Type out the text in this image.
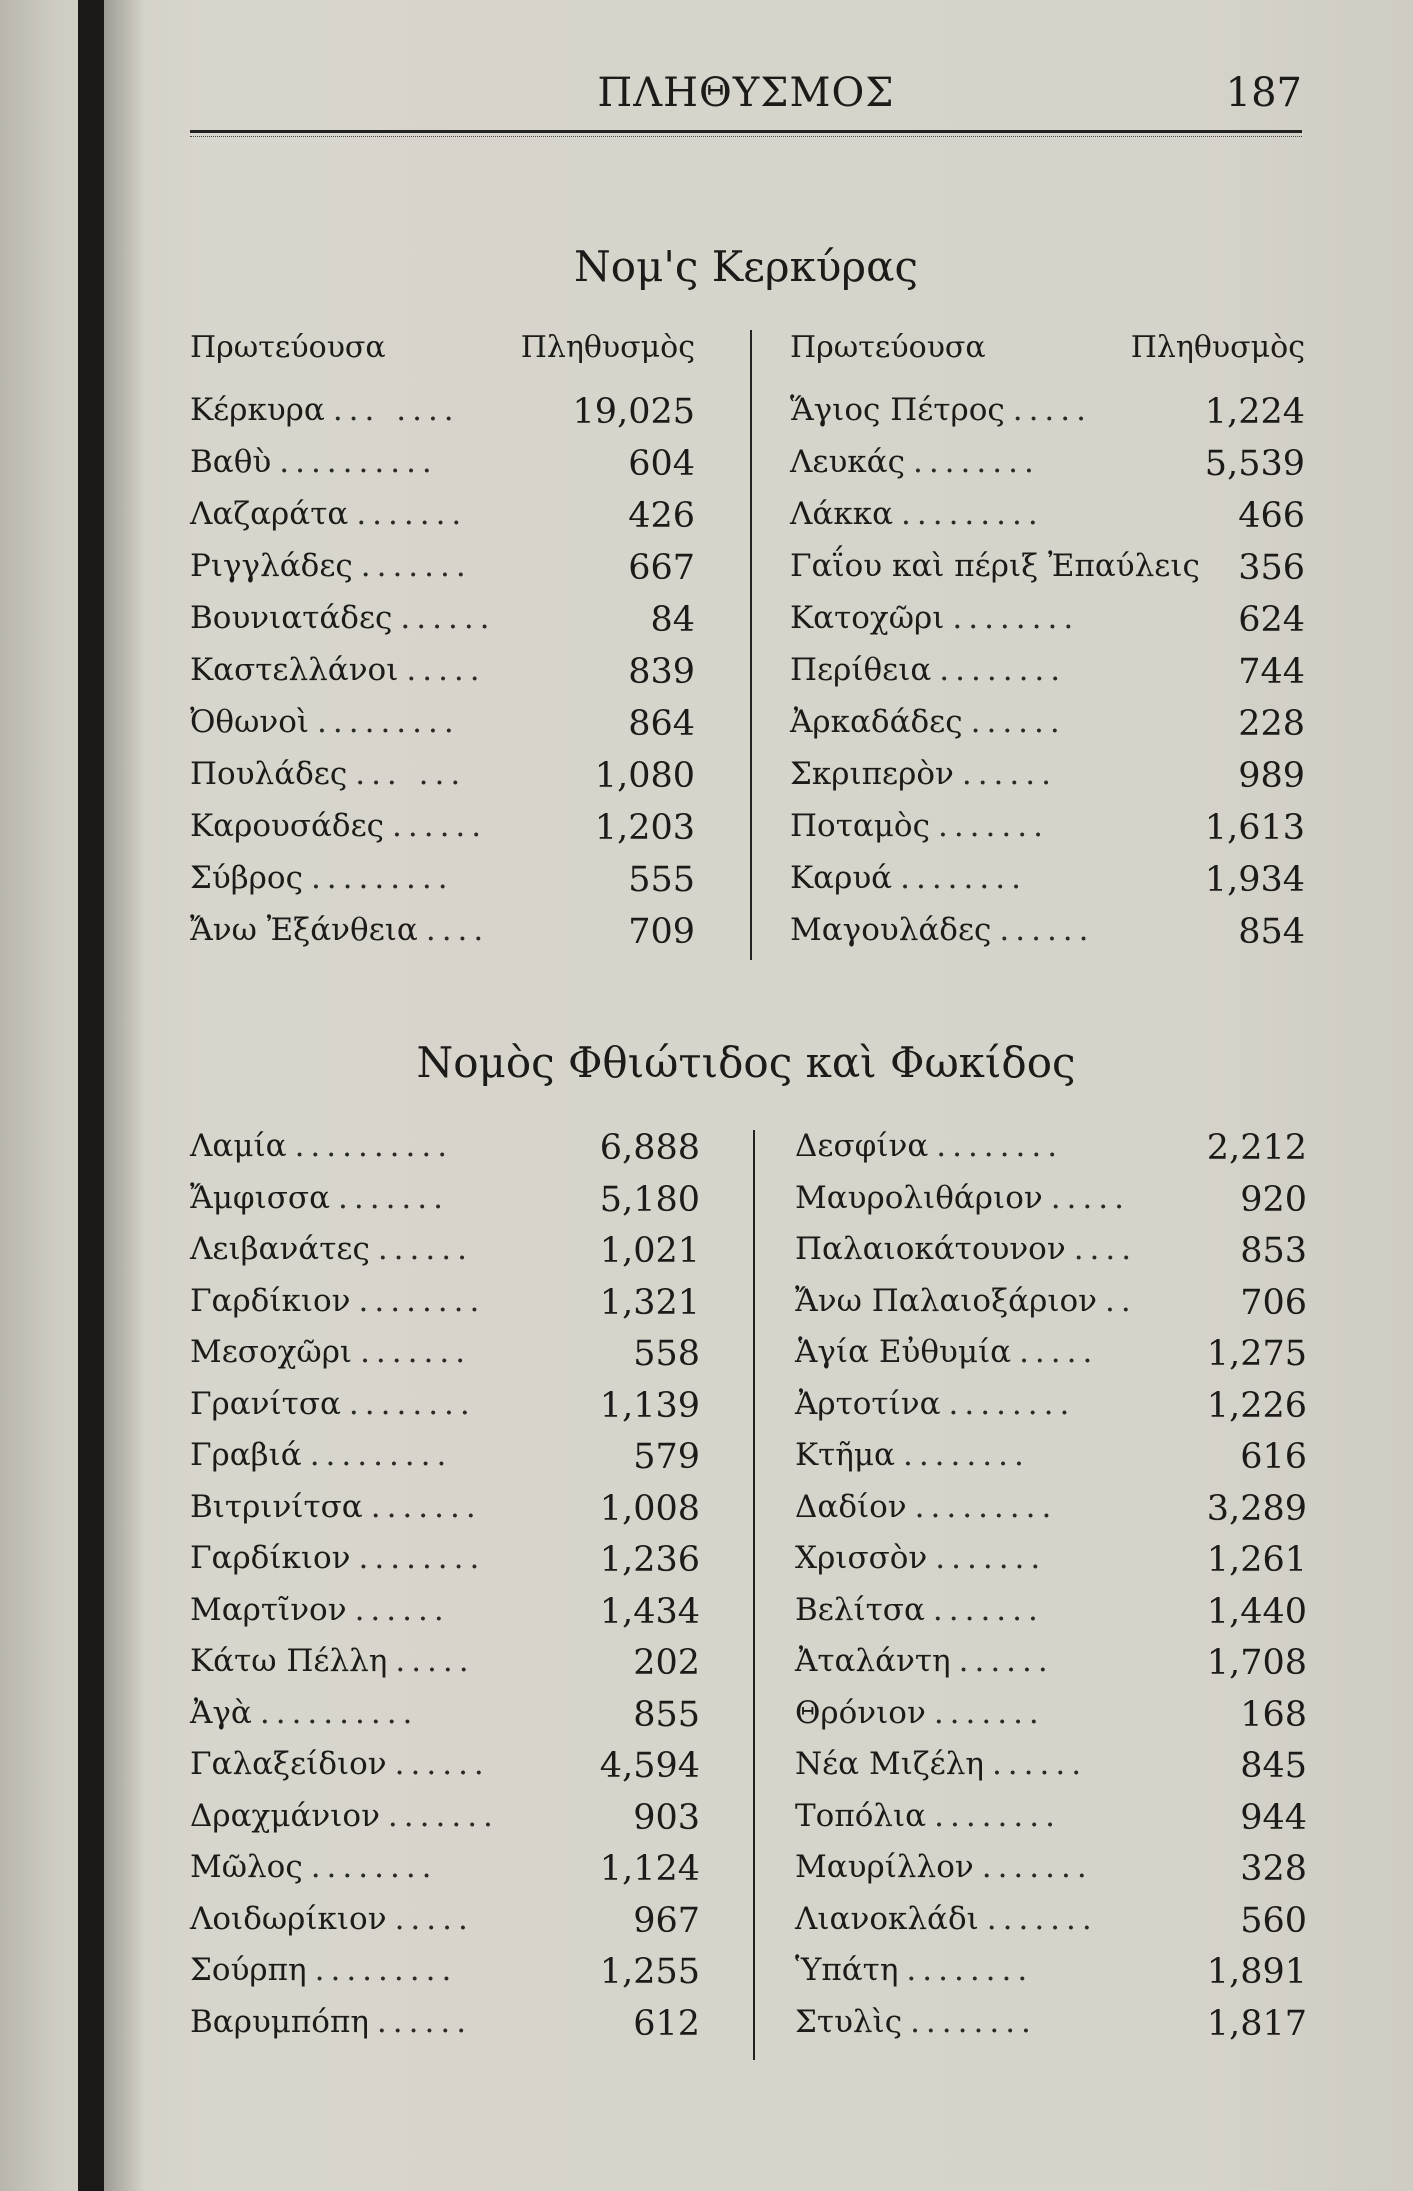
ΠΛΗΘΥΣΜΟΣ	187
Νομ'ς Κερκύρας
Πρωτεύουσα	Πληθυσμὸς
Κέρκυρα ... ....	19,025
Βαθὺ ..........	604
Λαζαράτα .......	426
Ριγγλάδες .......	667
Βουνιατάδες ......	84
Καστελλάνοι .....	839
Ὀθωνοὶ .........	864
Πουλάδες ... ...	1,080
Καρουσάδες ......	1,203
Σύβρος .........	555
Ἄνω Ἐξάνθεια ....	709
Πρωτεύουσα	Πληθυσμὸς
Ἅγιος Πέτρος .....	1,224
Λευκάς ........	5,539
Λάκκα .........	466
Γαΐου καὶ πέριξ Ἐπαύλεις 356
Κατοχῶρι ........	624
Περίθεια ........	744
Ἀρκαδάδες ......	228
Σκριπερὸν ......	989
Ποταμὸς .......	1,613
Καρυά ........	1,934
Μαγουλάδες ......	854
Νομὸς Φθιώτιδος καὶ Φωκίδος
Λαμία ..........	6,888
Ἄμφισσα .......	5,180
Λειβανάτες ......	1,021
Γαρδίκιον ........	1,321
Μεσοχῶρι .......	558
Γρανίτσα ........	1,139
Γραβιά .........	579
Βιτρινίτσα .......	1,008
Γαρδίκιον ........	1,236
Μαρτῖνον ......	1,434
Κάτω Πέλλη .....	202
Ἀγὰ ..........	855
Γαλαξείδιον ......	4,594
Δραχμάνιον .......	903
Μῶλος ........	1,124
Λοιδωρίκιον .....	967
Σούρπη .........	1,255
Βαρυμπόπη ......	612
Δεσφίνα ........	2,212
Μαυρολιθάριον .....	920
Παλαιοκάτουνον ....	853
Ἄνω Παλαιοξάριον ..	706
Ἁγία Εὐθυμία .....	1,275
Ἀρτοτίνα ........	1,226
Κτῆμα ........	616
Δαδίον .........	3,289
Χρισσὸν .......	1,261
Βελίτσα .......	1,440
Ἀταλάντη ......	1,708
Θρόνιον .......	168
Νέα Μιζέλη ......	845
Τοπόλια ........	944
Μαυρίλλον .......	328
Λιανοκλάδι .......	560
Ὑπάτη ........	1,891
Στυλὶς ........	1,817
